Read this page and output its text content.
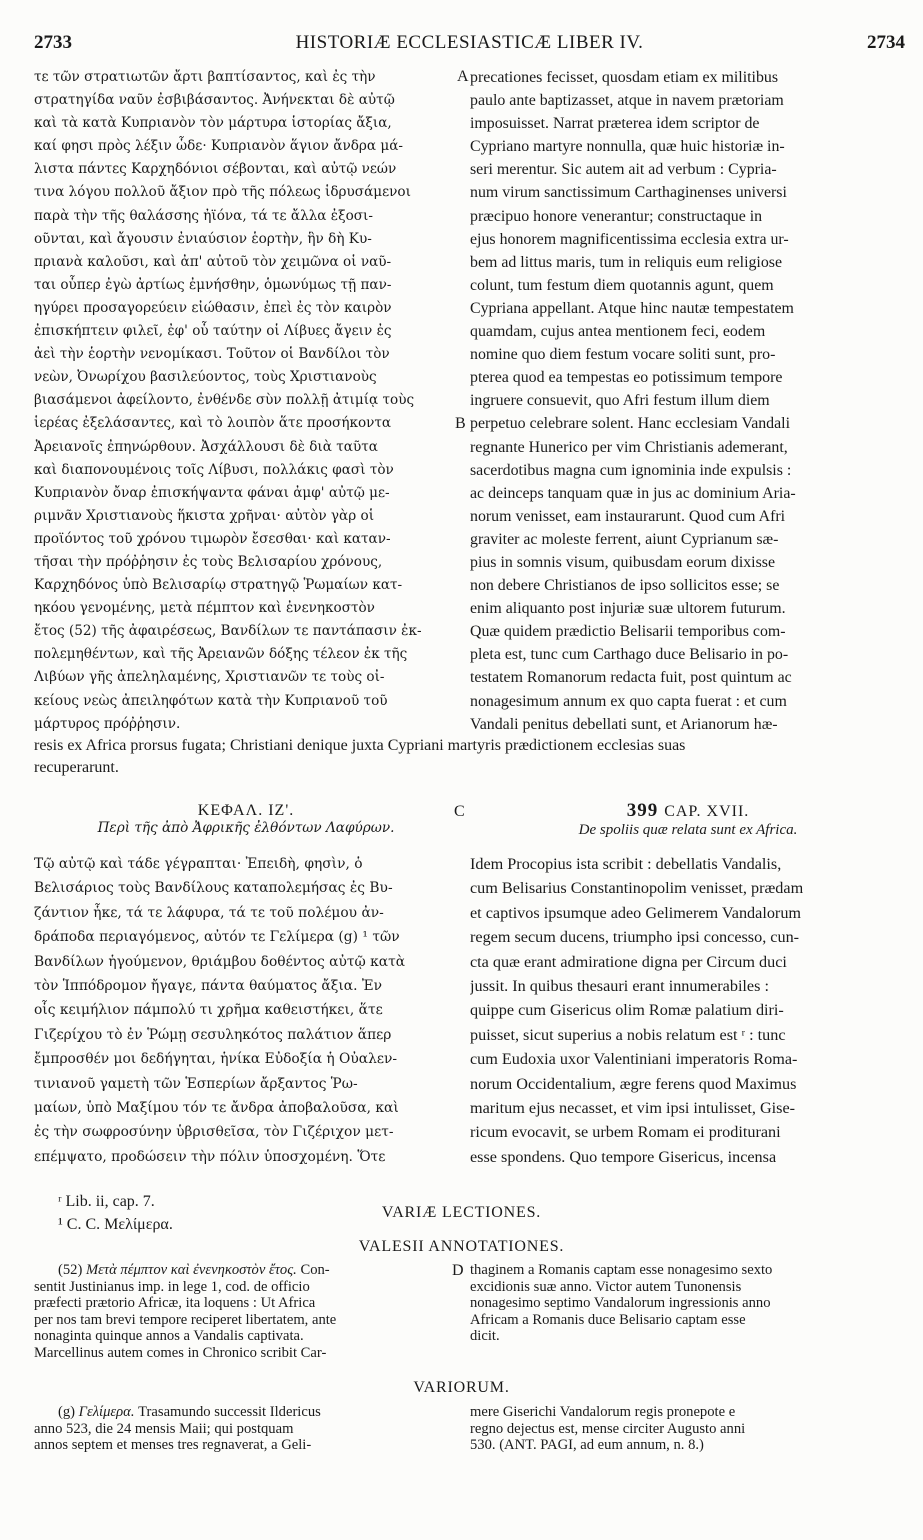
2733	HISTORIÆ ECCLESIASTICÆ LIBER IV.	2734
τε τῶν στρατιωτῶν ἄρτι βαπτίσαντος, καὶ ἐς τὴν
στρατηγίδα ναῦν ἐσβιβάσαντος. Ἀνήνεκται δὲ αὐτῷ
καὶ τὰ κατὰ Κυπριανὸν τὸν μάρτυρα ἱστορίας ἄξια,
καί φησι πρὸς λέξιν ὧδε· Κυπριανὸν ἅγιον ἄνδρα μά-
λιστα πάντες Καρχηδόνιοι σέβονται, καὶ αὐτῷ νεών
τινα λόγου πολλοῦ ἄξιον πρὸ τῆς πόλεως ἱδρυσάμενοι
παρὰ τὴν τῆς θαλάσσης ἠϊόνα, τά τε ἄλλα ἐξοσι-
οῦνται, καὶ ἄγουσιν ἐνιαύσιον ἑορτὴν, ἣν δὴ Κυ-
πριανὰ καλοῦσι, καὶ ἀπ' αὐτοῦ τὸν χειμῶνα οἱ ναῦ-
ται οὗπερ ἐγὼ ἀρτίως ἐμνήσθην, ὁμωνύμως τῇ παν-
ηγύρει προσαγορεύειν εἰώθασιν, ἐπεὶ ἐς τὸν καιρὸν
ἐπισκήπτειν φιλεῖ, ἐφ' οὗ ταύτην οἱ Λίβυες ἄγειν ἐς
ἀεὶ τὴν ἑορτὴν νενομίκασι. Τοῦτον οἱ Βανδίλοι τὸν
νεὼν, Ὀνωρίχου βασιλεύοντος, τοὺς Χριστιανοὺς
βιασάμενοι ἀφείλοντο, ἐνθένδε σὺν πολλῇ ἀτιμίᾳ τοὺς
ἱερέας ἐξελάσαντες, καὶ τὸ λοιπὸν ἅτε προσήκοντα
Ἀρειανοῖς ἐπηνώρθουν. Ἀσχάλλουσι δὲ διὰ ταῦτα
καὶ διαπονουμένοις τοῖς Λίβυσι, πολλάκις φασὶ τὸν
Κυπριανὸν ὄναρ ἐπισκήψαντα φάναι ἀμφ' αὐτῷ με-
ριμνᾶν Χριστιανοὺς ἥκιστα χρῆναι· αὐτὸν γὰρ οἱ
προϊόντος τοῦ χρόνου τιμωρὸν ἔσεσθαι· καὶ καταν-
τῆσαι τὴν πρόῤῥησιν ἐς τοὺς Βελισαρίου χρόνους,
Καρχηδόνος ὑπὸ Βελισαρίῳ στρατηγῷ Ῥωμαίων κατ-
ηκόου γενομένης, μετὰ πέμπτον καὶ ἐνενηκοστὸν
ἔτος (52) τῆς ἀφαιρέσεως, Βανδίλων τε παντάπασιν ἐκ-
πολεμηθέντων, καὶ τῆς Ἀρειανῶν δόξης τέλεον ἐκ τῆς
Λιβύων γῆς ἀπεληλαμένης, Χριστιανῶν τε τοὺς οἰ-
κείους νεὼς ἀπειληφότων κατὰ τὴν Κυπριανοῦ τοῦ
μάρτυρος πρόῤῥησιν.
precationes fecisset, quosdam etiam ex militibus
paulo ante baptizasset, atque in navem prætoriam
imposuisset. Narrat præterea idem scriptor de
Cypriano martyre nonnulla, quæ huic historiæ in-
seri merentur. Sic autem ait ad verbum : Cypria-
num virum sanctissimum Carthaginenses universi
præcipuo honore venerantur; constructaque in
ejus honorem magnificentissima ecclesia extra ur-
bem ad littus maris, tum in reliquis eum religiose
colunt, tum festum diem quotannis agunt, quem
Cypriana appellant. Atque hinc nautæ tempestatem
quamdam, cujus antea mentionem feci, eodem
nomine quo diem festum vocare soliti sunt, pro-
pterea quod ea tempestas eo potissimum tempore
ingruere consuevit, quo Afri festum illum diem
perpetuo celebrare solent. Hanc ecclesiam Vandali
regnante Hunerico per vim Christianis ademerant,
sacerdotibus magna cum ignominia inde expulsis :
ac deinceps tanquam quæ in jus ac dominium Aria-
norum venisset, eam instaurarunt. Quod cum Afri
graviter ac moleste ferrent, aiunt Cyprianum sæ-
pius in somnis visum, quibusdam eorum dixisse
non debere Christianos de ipso sollicitos esse; se
enim aliquanto post injuriæ suæ ultorem futurum.
Quæ quidem prædictio Belisarii temporibus com-
pleta est, tunc cum Carthago duce Belisario in po-
testatem Romanorum redacta fuit, post quintum ac
nonagesimum annum ex quo capta fuerat : et cum
Vandali penitus debellati sunt, et Arianorum hæ-
A
B
resis ex Africa prorsus fugata; Christiani denique juxta Cypriani martyris prædictionem ecclesias suas
recuperarunt.
ΚΕΦΑΛ. ΙΖ'.
Περὶ τῆς ἀπὸ Ἀφρικῆς ἐλθόντων Λαφύρων.
C	399 CAP. XVII.
De spoliis quæ relata sunt ex Africa.
Τῷ αὐτῷ καὶ τάδε γέγραπται· Ἐπειδὴ, φησὶν, ὁ
Βελισάριος τοὺς Βανδίλους καταπολεμήσας ἐς Βυ-
ζάντιον ἧκε, τά τε λάφυρα, τά τε τοῦ πολέμου ἀν-
δράποδα περιαγόμενος, αὐτόν τε Γελίμερα (g) ¹ τῶν
Βανδίλων ἡγούμενον, θριάμβου δοθέντος αὐτῷ κατὰ
τὸν Ἱππόδρομον ἤγαγε, πάντα θαύματος ἄξια. Ἐν
οἷς κειμήλιον πάμπολύ τι χρῆμα καθειστήκει, ἅτε
Γιζερίχου τὸ ἐν Ῥώμῃ σεσυληκότος παλάτιον ἅπερ
ἔμπροσθέν μοι δεδήγηται, ἡνίκα Εὐδοξία ἡ Οὐαλεν-
τινιανοῦ γαμετὴ τῶν Ἑσπερίων ἄρξαντος Ῥω-
μαίων, ὑπὸ Μαξίμου τόν τε ἄνδρα ἀποβαλοῦσα, καὶ
ἐς τὴν σωφροσύνην ὑβρισθεῖσα, τὸν Γιζέριχον μετ-
επέμψατο, προδώσειν τὴν πόλιν ὑποσχομένη. Ὅτε
Idem Procopius ista scribit : debellatis Vandalis,
cum Belisarius Constantinopolim venisset, prædam
et captivos ipsumque adeo Gelimerem Vandalorum
regem secum ducens, triumpho ipsi concesso, cun-
cta quæ erant admiratione digna per Circum duci
jussit. In quibus thesauri erant innumerabiles :
quippe cum Gisericus olim Romæ palatium diri-
puisset, sicut superius a nobis relatum est ʳ : tunc
cum Eudoxia uxor Valentiniani imperatoris Roma-
norum Occidentalium, ægre ferens quod Maximus
maritum ejus necasset, et vim ipsi intulisset, Gise-
ricum evocavit, se urbem Romam ei proditurani
esse spondens. Quo tempore Gisericus, incensa
ʳ Lib. ii, cap. 7.
VARIÆ LECTIONES.
¹ C. C. Μελίμερα.
VALESII ANNOTATIONES.
(52) Μετὰ πέμπτον καὶ ἐνενηκοστὸν ἔτος. Con-
sentit Justinianus imp. in lege 1, cod. de officio
præfecti prætorio Africæ, ita loquens : Ut Africa
per nos tam brevi tempore reciperet libertatem, ante
nonaginta quinque annos a Vandalis captivata.
Marcellinus autem comes in Chronico scribit Car-
D thaginem a Romanis captam esse nonagesimo sexto
excidionis suæ anno. Victor autem Tunonensis
nonagesimo septimo Vandalorum ingressionis anno
Africam a Romanis duce Belisario captam esse
dicit.
VARIORUM.
(g) Γελίμερα. Trasamundo successit Ildericus
anno 523, die 24 mensis Maii; qui postquam
annos septem et menses tres regnaverat, a Geli-
mere Giserichi Vandalorum regis pronepote e
regno dejectus est, mense circiter Augusto anni
530. (ANT. PAGI, ad eum annum, n. 8.)
